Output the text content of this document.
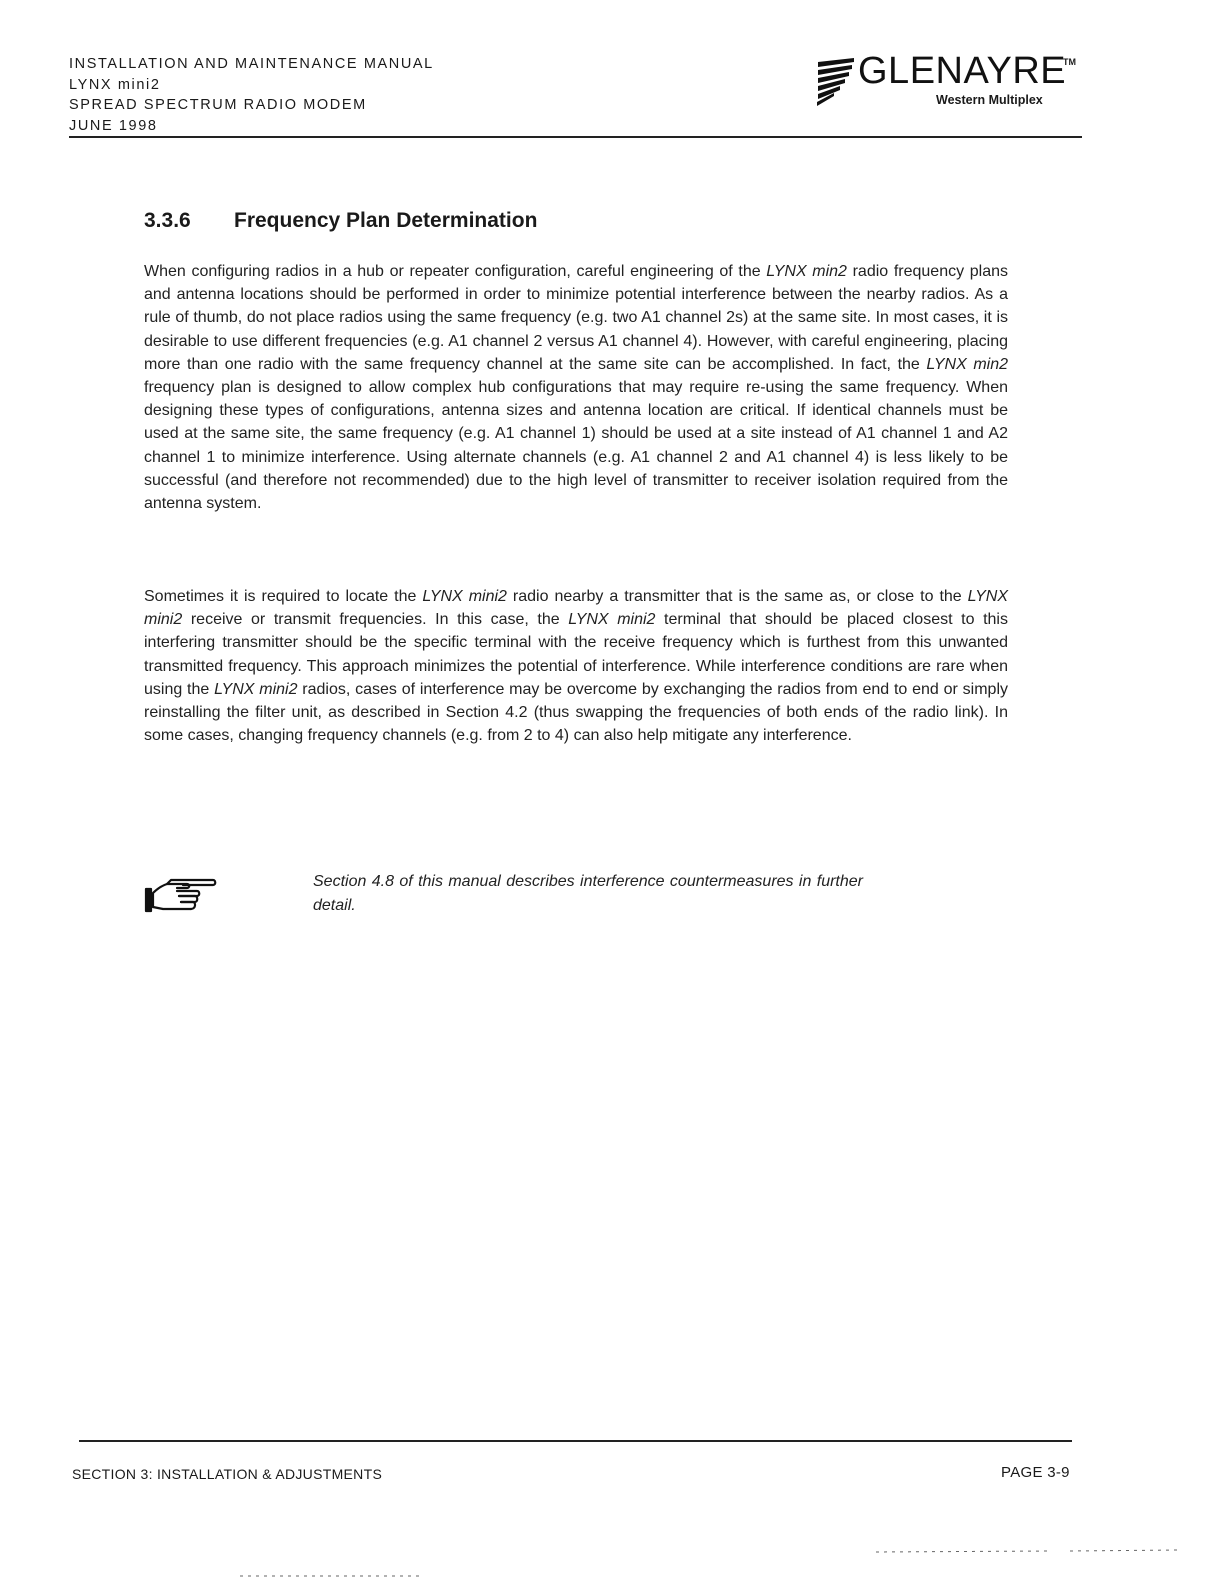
INSTALLATION AND MAINTENANCE MANUAL
LYNX mini2
SPREAD SPECTRUM RADIO MODEM
JUNE 1998
GLENAYRE
TM
Western Multiplex
3.3.6 Frequency Plan Determination
When configuring radios in a hub or repeater configuration, careful engineering of the LYNX min2 radio frequency plans and antenna locations should be performed in order to minimize potential interference between the nearby radios. As a rule of thumb, do not place radios using the same frequency (e.g. two A1 channel 2s) at the same site. In most cases, it is desirable to use different frequencies (e.g. A1 channel 2 versus A1 channel 4). However, with careful engineering, placing more than one radio with the same frequency channel at the same site can be accomplished. In fact, the LYNX min2 frequency plan is designed to allow complex hub configurations that may require re-using the same frequency. When designing these types of configurations, antenna sizes and antenna location are critical. If identical channels must be used at the same site, the same frequency (e.g. A1 channel 1) should be used at a site instead of A1 channel 1 and A2 channel 1 to minimize interference. Using alternate channels (e.g. A1 channel 2 and A1 channel 4) is less likely to be successful (and therefore not recommended) due to the high level of transmitter to receiver isolation required from the antenna system.
Sometimes it is required to locate the LYNX mini2 radio nearby a transmitter that is the same as, or close to the LYNX mini2 receive or transmit frequencies. In this case, the LYNX mini2 terminal that should be placed closest to this interfering transmitter should be the specific terminal with the receive frequency which is furthest from this unwanted transmitted frequency. This approach minimizes the potential of interference. While interference conditions are rare when using the LYNX mini2 radios, cases of interference may be overcome by exchanging the radios from end to end or simply reinstalling the filter unit, as described in Section 4.2 (thus swapping the frequencies of both ends of the radio link). In some cases, changing frequency channels (e.g. from 2 to 4) can also help mitigate any interference.
Section 4.8 of this manual describes interference countermeasures in further detail.
SECTION 3: INSTALLATION & ADJUSTMENTS	PAGE 3-9
